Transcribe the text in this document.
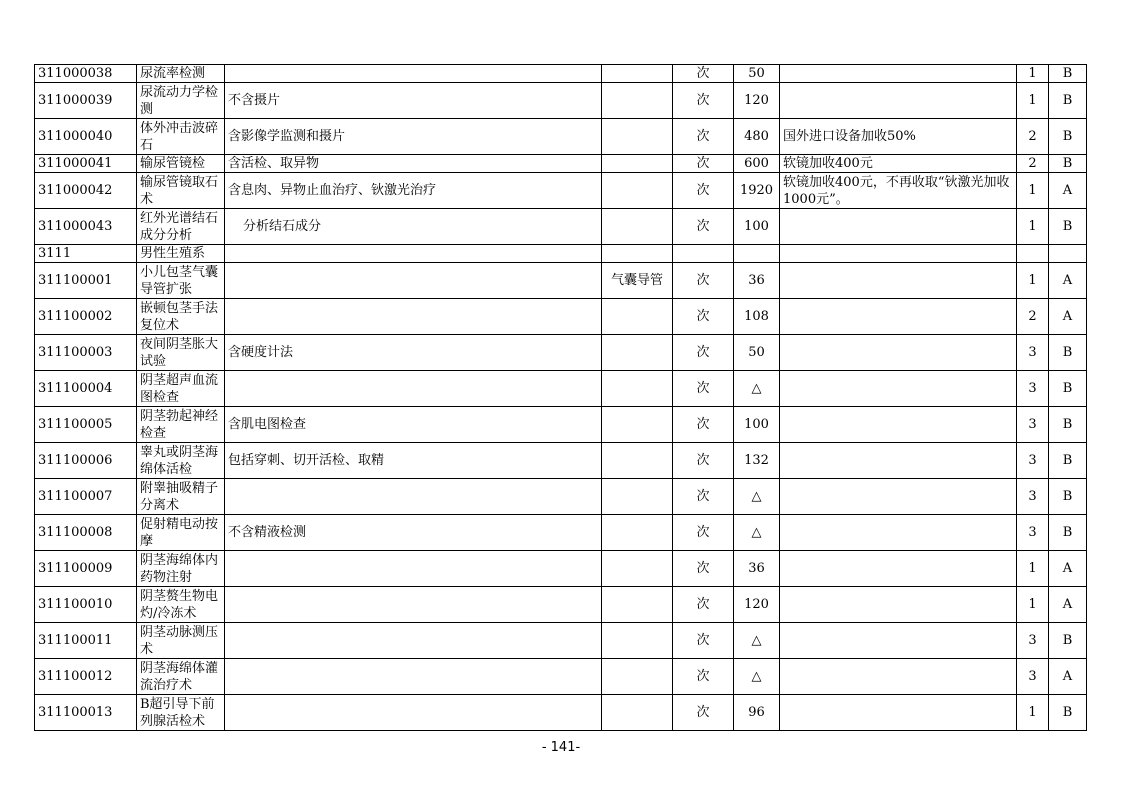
311000038	尿流率检测			次	50		1	B
311000039	尿流动力学检测	不含摄片		次	120		1	B
311000040	体外冲击波碎石	含影像学监测和摄片		次	480	国外进口设备加收50%	2	B
311000041	输尿管镜检	含活检、取异物		次	600	软镜加收400元	2	B
311000042	输尿管镜取石术	含息肉、异物止血治疗、钬激光治疗		次	1920	软镜加收400元，不再收取“钬激光加收1000元”。	1	A
311000043	红外光谱结石成分分析	分析结石成分		次	100		1	B
3111	男性生殖系							
311100001	小儿包茎气囊导管扩张		气囊导管	次	36		1	A
311100002	嵌顿包茎手法复位术			次	108		2	A
311100003	夜间阴茎胀大试验	含硬度计法		次	50		3	B
311100004	阴茎超声血流图检查			次	△		3	B
311100005	阴茎勃起神经检查	含肌电图检查		次	100		3	B
311100006	睾丸或阴茎海绵体活检	包括穿刺、切开活检、取精		次	132		3	B
311100007	附睾抽吸精子分离术			次	△		3	B
311100008	促射精电动按摩	不含精液检测		次	△		3	B
311100009	阴茎海绵体内药物注射			次	36		1	A
311100010	阴茎赘生物电灼/冷冻术			次	120		1	A
311100011	阴茎动脉测压术			次	△		3	B
311100012	阴茎海绵体灌流治疗术			次	△		3	A
311100013	B超引导下前列腺活检术			次	96		1	B
- 141-
